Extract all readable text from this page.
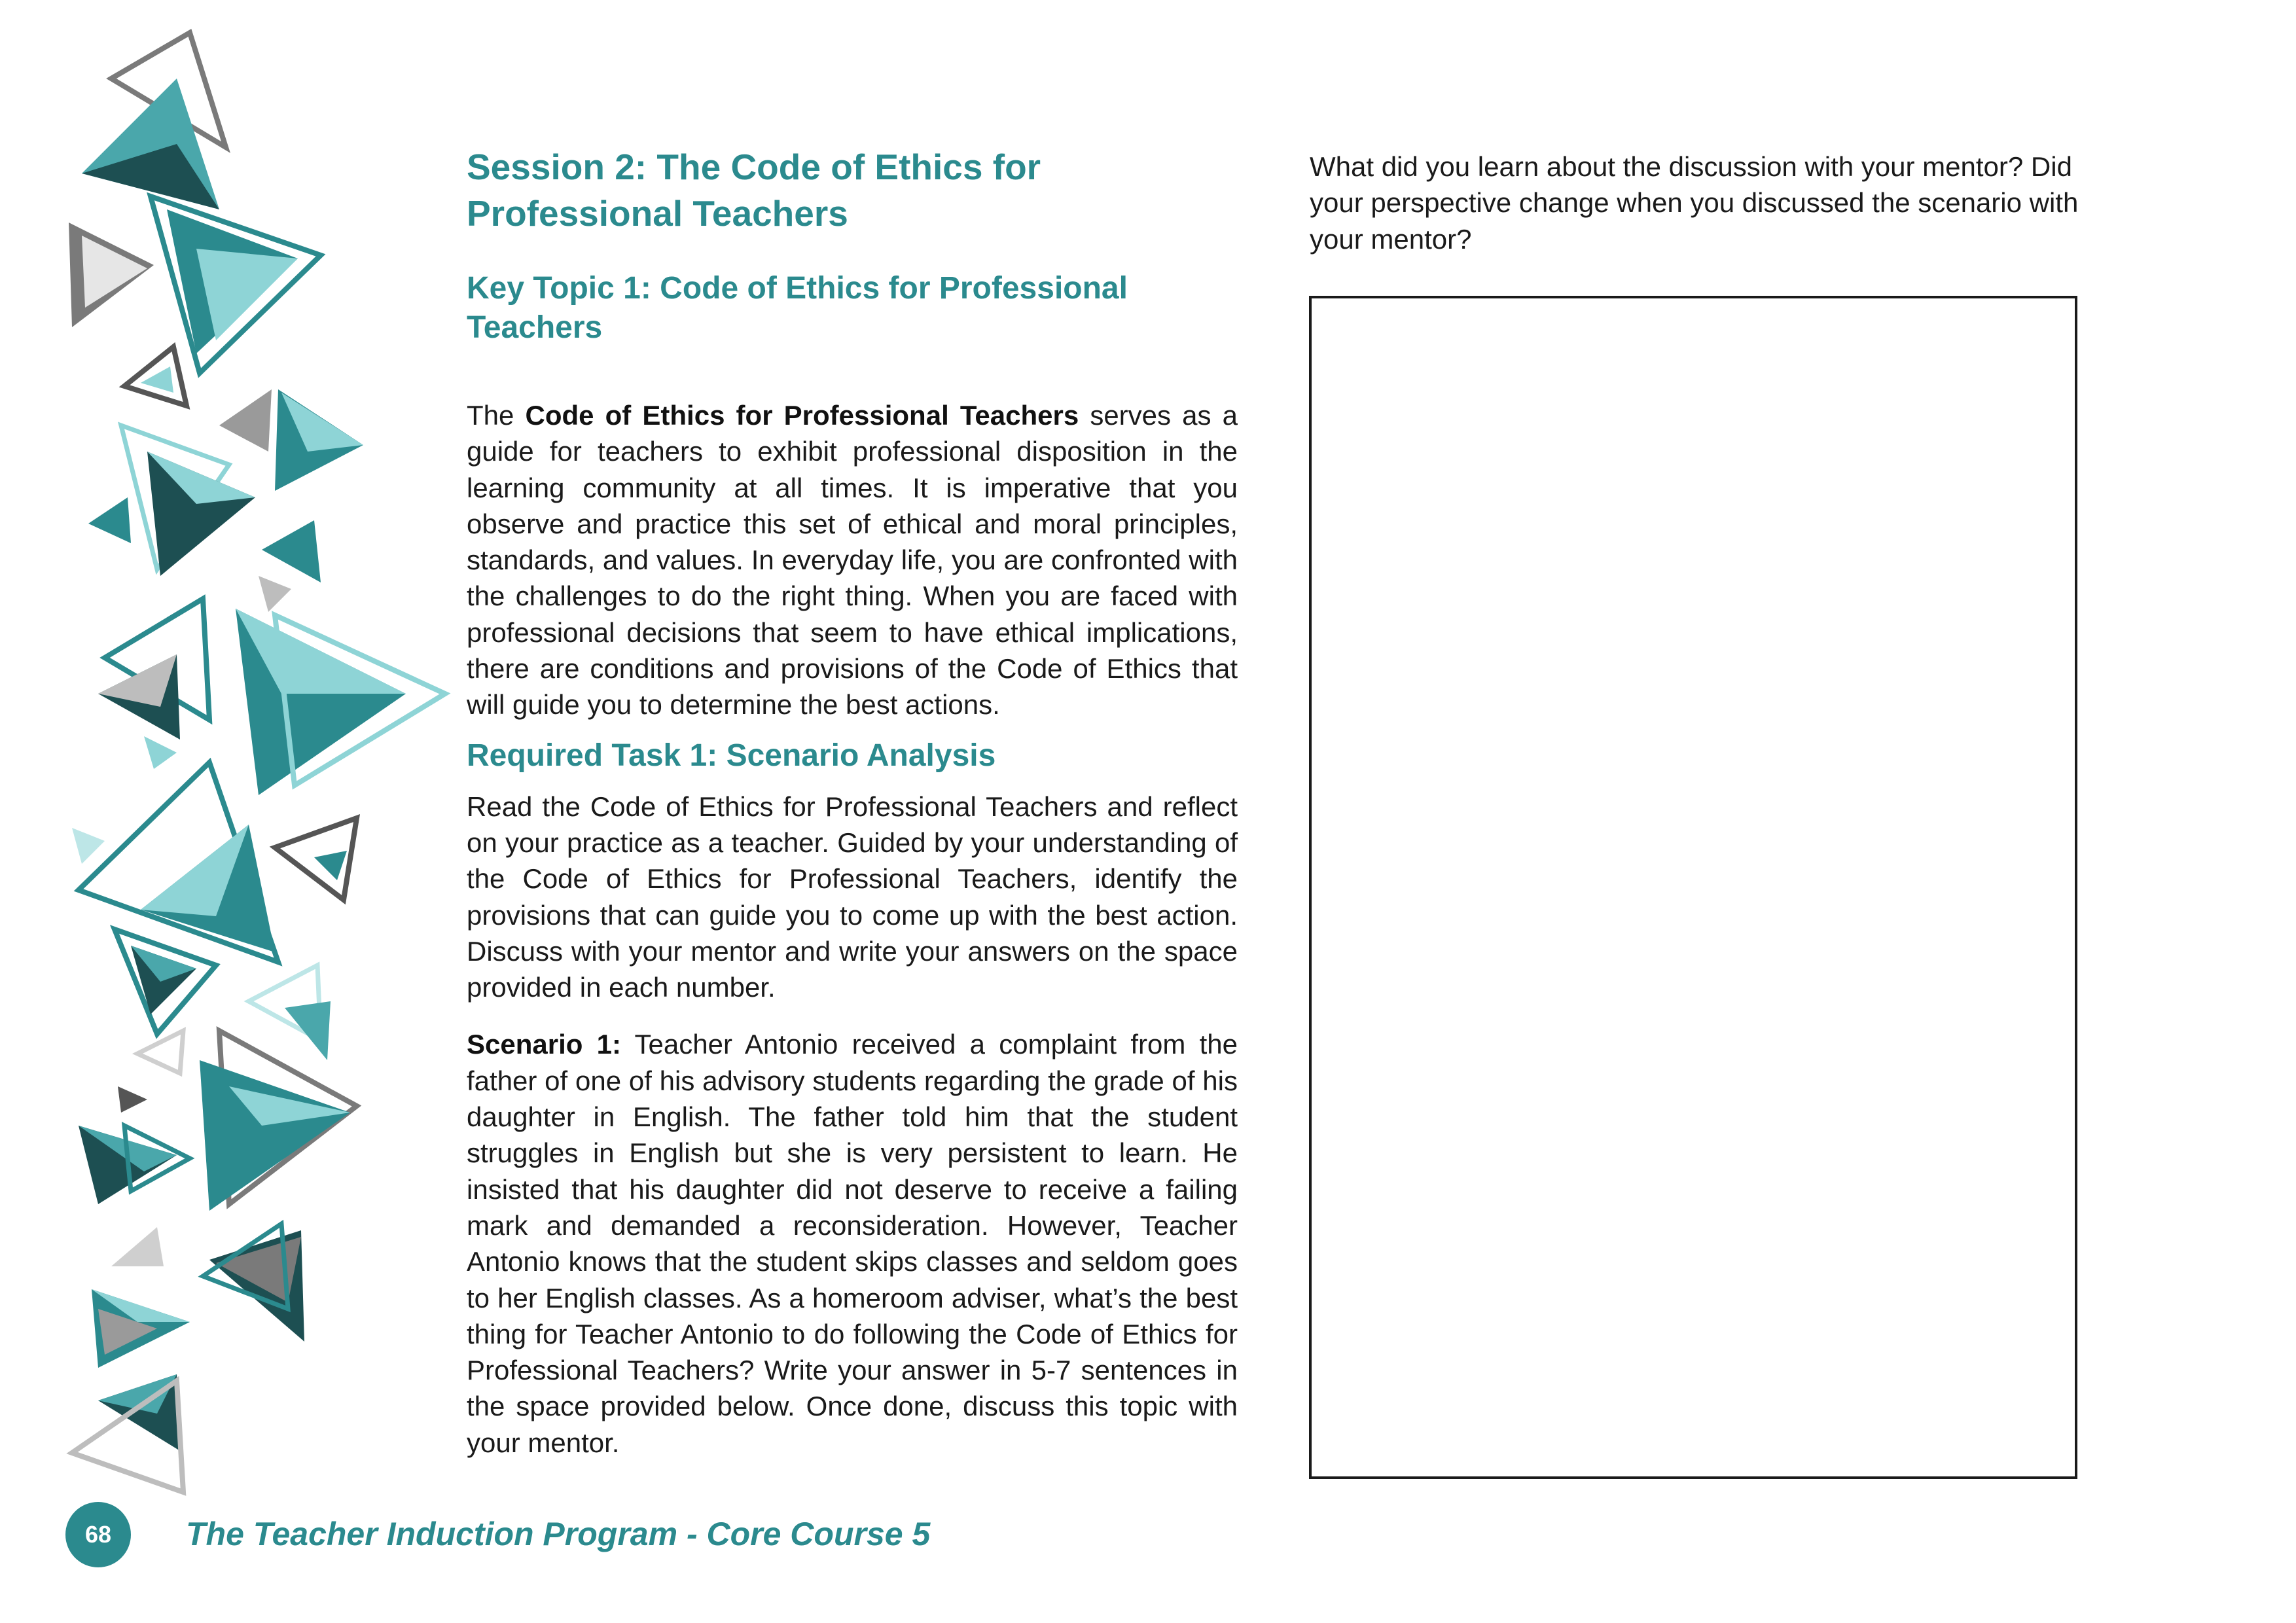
Session 2: The Code of Ethics for Professional Teachers
Key Topic 1: Code of Ethics for Professional Teachers

The Code of Ethics for Professional Teachers serves as a guide for teachers to exhibit professional disposition in the learning community at all times. It is imperative that you observe and practice this set of ethical and moral principles, standards, and values. In everyday life, you are confronted with the challenges to do the right thing. When you are faced with professional decisions that seem to have ethical implications, there are conditions and provisions of the Code of Ethics that will guide you to determine the best actions.

Required Task 1: Scenario Analysis

Read the Code of Ethics for Professional Teachers and reflect on your practice as a teacher. Guided by your understanding of the Code of Ethics for Professional Teachers, identify the provisions that can guide you to come up with the best action. Discuss with your mentor and write your answers on the space provided in each number.

Scenario 1: Teacher Antonio received a complaint from the father of one of his advisory students regarding the grade of his daughter in English. The father told him that the student struggles in English but she is very persistent to learn. He insisted that his daughter did not deserve to receive a failing mark and demanded a reconsideration. However, Teacher Antonio knows that the student skips classes and seldom goes to her English classes. As a homeroom adviser, what’s the best thing for Teacher Antonio to do following the Code of Ethics for Professional Teachers? Write your answer in 5-7 sentences in the space provided below. Once done, discuss this topic with your mentor.

What did you learn about the discussion with your mentor? Did your perspective change when you discussed the scenario with your mentor?
68	The Teacher Induction Program - Core Course 5
